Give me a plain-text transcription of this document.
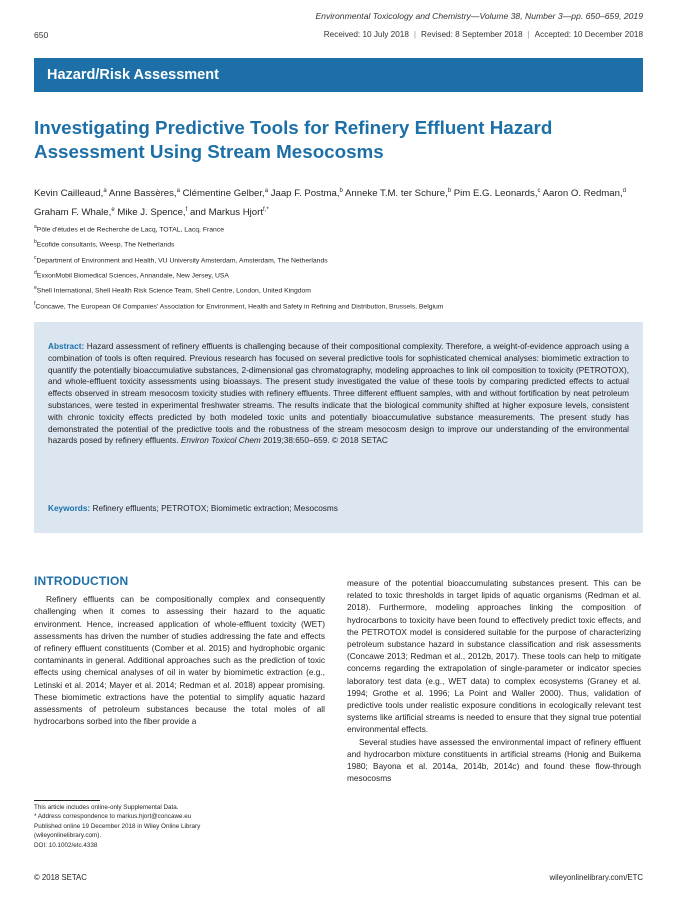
Environmental Toxicology and Chemistry—Volume 38, Number 3—pp. 650–659, 2019
650	Received: 10 July 2018 | Revised: 8 September 2018 | Accepted: 10 December 2018
Hazard/Risk Assessment
Investigating Predictive Tools for Refinery Effluent Hazard Assessment Using Stream Mesocosms
Kevin Cailleaud,$^a$ Anne Bassères,$^a$ Clémentine Gelber,$^a$ Jaap F. Postma,$^b$ Anneke T.M. ter Schure,$^b$ Pim E.G. Leonards,$^c$ Aaron O. Redman,$^d$ Graham F. Whale,$^e$ Mike J. Spence,$^f$ and Markus Hjort$^{f,*}$
$^a$Pôle d'études et de Recherche de Lacq, TOTAL, Lacq, France
$^b$Ecofide consultants, Weesp, The Netherlands
$^c$Department of Environment and Health, VU University Amsterdam, Amsterdam, The Netherlands
$^d$ExxonMobil Biomedical Sciences, Annandale, New Jersey, USA
$^e$Shell International, Shell Health Risk Science Team, Shell Centre, London, United Kingdom
$^f$Concawe, The European Oil Companies' Association for Environment, Health and Safety in Refining and Distribution, Brussels, Belgium
Abstract: Hazard assessment of refinery effluents is challenging because of their compositional complexity. Therefore, a weight-of-evidence approach using a combination of tools is often required. Previous research has focused on several predictive tools for sophisticated chemical analyses: biomimetic extraction to quantify the potentially bioaccumulative substances, 2-dimensional gas chromatography, modeling approaches to link oil composition to toxicity (PETROTOX), and whole-effluent toxicity assessments using bioassays. The present study investigated the value of these tools by comparing predicted effects to actual effects observed in stream mesocosm toxicity studies with refinery effluents. Three different effluent samples, with and without fortification by neat petroleum substances, were tested in experimental freshwater streams. The results indicate that the biological community shifted at higher exposure levels, consistent with chronic toxicity effects predicted by both modeled toxic units and potentially bioaccumulative substance measurements. The present study has demonstrated the potential of the predictive tools and the robustness of the stream mesocosm design to improve our understanding of the environmental hazards posed by refinery effluents. Environ Toxicol Chem 2019;38:650–659. © 2018 SETAC
Keywords: Refinery effluents; PETROTOX; Biomimetic extraction; Mesocosms
INTRODUCTION

Refinery effluents can be compositionally complex and consequently challenging when it comes to assessing their hazard to the aquatic environment. Hence, increased application of whole-effluent toxicity (WET) assessments has driven the number of studies addressing the fate and effects of refinery effluent constituents (Comber et al. 2015) and hydrophobic organic contaminants in general. Additional approaches such as the prediction of toxic effects using chemical analyses of oil in water by biomimetic extraction (e.g., Letinski et al. 2014; Mayer et al. 2014; Redman et al. 2018) appear promising. These biomimetic extractions have the potential to simplify aquatic hazard assessments of petroleum substances because the total moles of all hydrocarbons sorbed into the fiber provide a

measure of the potential bioaccumulating substances present. This can be related to toxic thresholds in target lipids of aquatic organisms (Redman et al. 2018). Furthermore, modeling approaches linking the composition of hydrocarbons to toxicity have been found to effectively predict toxic effects, and the PETROTOX model is considered suitable for the purpose of characterizing petroleum substance hazard in substance classification and risk assessments (Concawe 2013; Redman et al., 2012b, 2017). These tools can help to mitigate concerns regarding the extrapolation of single-parameter or indicator species laboratory test data (e.g., WET data) to complex ecosystems (Graney et al. 1994; Grothe et al. 1996; La Point and Waller 2000). Thus, validation of predictive tools under realistic exposure conditions in ecologically relevant test systems like artificial streams is needed to ensure that they signal true potential environmental effects.

Several studies have assessed the environmental impact of refinery effluent and hydrocarbon mixture constituents in artificial streams (Honig and Buikema 1980; Bayona et al. 2014a, 2014b, 2014c) and found these flow-through mesocosms

This article includes online-only Supplemental Data.
* Address correspondence to markus.hjort@concawe.eu
Published online 19 December 2018 in Wiley Online Library
(wileyonlinelibrary.com).
DOI: 10.1002/etc.4338
© 2018 SETAC	wileyonlinelibrary.com/ETC
